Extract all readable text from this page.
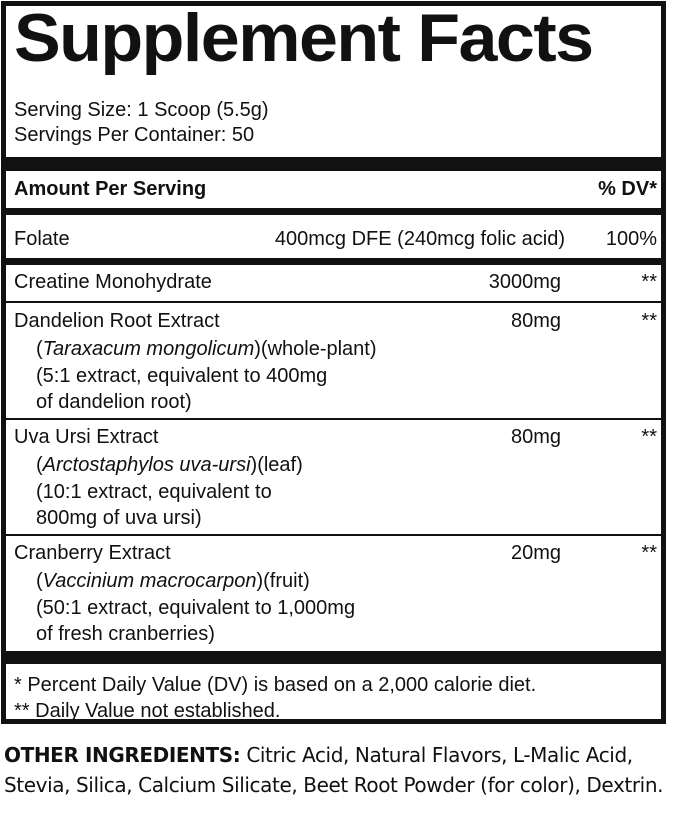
Supplement Facts
Serving Size: 1 Scoop (5.5g)
Servings Per Container: 50
Amount Per Serving	% DV*
Folate	400mcg DFE (240mcg folic acid) 100%
Creatine Monohydrate	3000mg	**
Dandelion Root Extract	80mg	**
(Taraxacum mongolicum)(whole-plant)
(5:1 extract, equivalent to 400mg
of dandelion root)
Uva Ursi Extract	80mg	**
(Arctostaphylos uva-ursi)(leaf)
(10:1 extract, equivalent to
800mg of uva ursi)
Cranberry Extract	20mg	**
(Vaccinium macrocarpon)(fruit)
(50:1 extract, equivalent to 1,000mg
of fresh cranberries)
* Percent Daily Value (DV) is based on a 2,000 calorie diet.
** Daily Value not established.
OTHER INGREDIENTS: Citric Acid, Natural Flavors, L-Malic Acid, Stevia, Silica, Calcium Silicate, Beet Root Powder (for color), Dextrin.
